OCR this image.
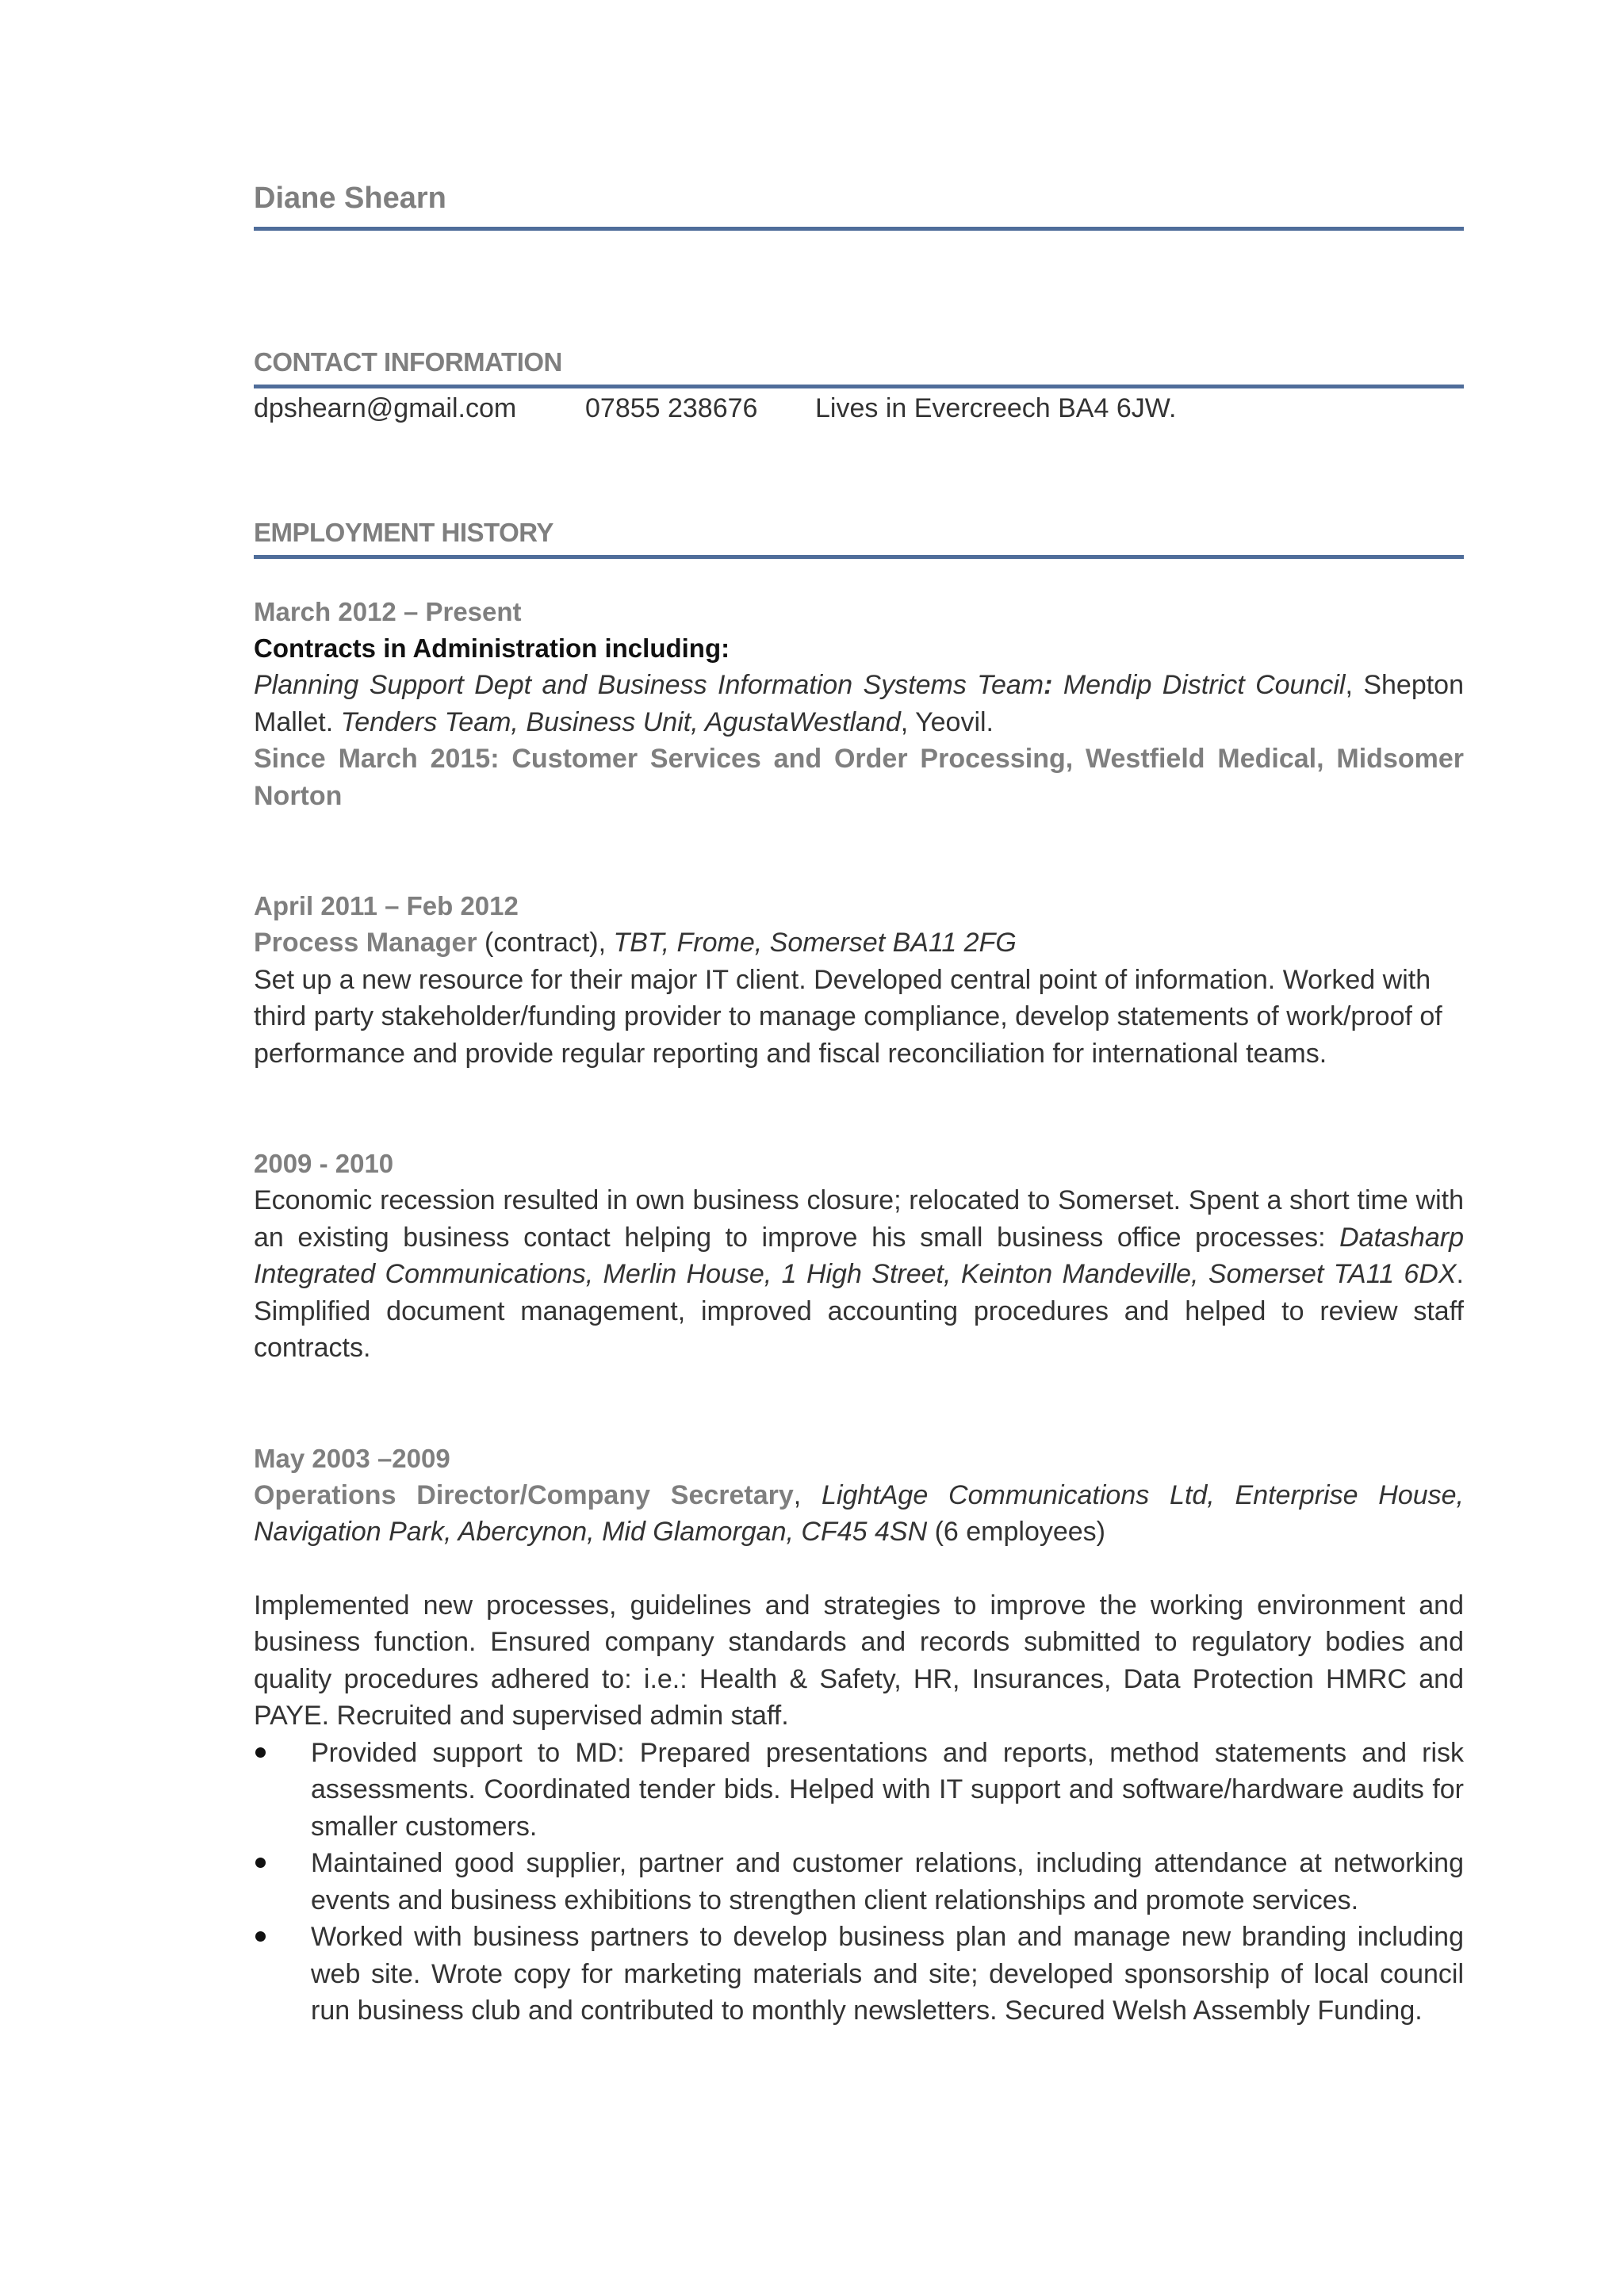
Diane Shearn
CONTACT INFORMATION
dpshearn@gmail.com	07855 238676	Lives in Evercreech BA4 6JW.
EMPLOYMENT HISTORY
March 2012 – Present
Contracts in Administration including:

Planning Support Dept and Business Information Systems Team: Mendip District Council, Shepton Mallet. Tenders Team, Business Unit, AgustaWestland, Yeovil.

Since March 2015: Customer Services and Order Processing, Westfield Medical, Midsomer Norton

April 2011 – Feb 2012

Process Manager (contract), TBT, Frome, Somerset BA11 2FG

Set up a new resource for their major IT client. Developed central point of information. Worked with third party stakeholder/funding provider to manage compliance, develop statements of work/proof of performance and provide regular reporting and fiscal reconciliation for international teams.

2009 - 2010

Economic recession resulted in own business closure; relocated to Somerset. Spent a short time with an existing business contact helping to improve his small business office processes: Datasharp Integrated Communications, Merlin House, 1 High Street, Keinton Mandeville, Somerset TA11 6DX. Simplified document management, improved accounting procedures and helped to review staff contracts.

May 2003 –2009

Operations Director/Company Secretary, LightAge Communications Ltd, Enterprise House, Navigation Park, Abercynon, Mid Glamorgan, CF45 4SN (6 employees)

Implemented new processes, guidelines and strategies to improve the working environment and business function. Ensured company standards and records submitted to regulatory bodies and quality procedures adhered to: i.e.: Health & Safety, HR, Insurances, Data Protection HMRC and PAYE. Recruited and supervised admin staff.

Provided support to MD: Prepared presentations and reports, method statements and risk assessments. Coordinated tender bids. Helped with IT support and software/hardware audits for smaller customers.
Maintained good supplier, partner and customer relations, including attendance at networking events and business exhibitions to strengthen client relationships and promote services.
Worked with business partners to develop business plan and manage new branding including web site. Wrote copy for marketing materials and site; developed sponsorship of local council run business club and contributed to monthly newsletters. Secured Welsh Assembly Funding.
